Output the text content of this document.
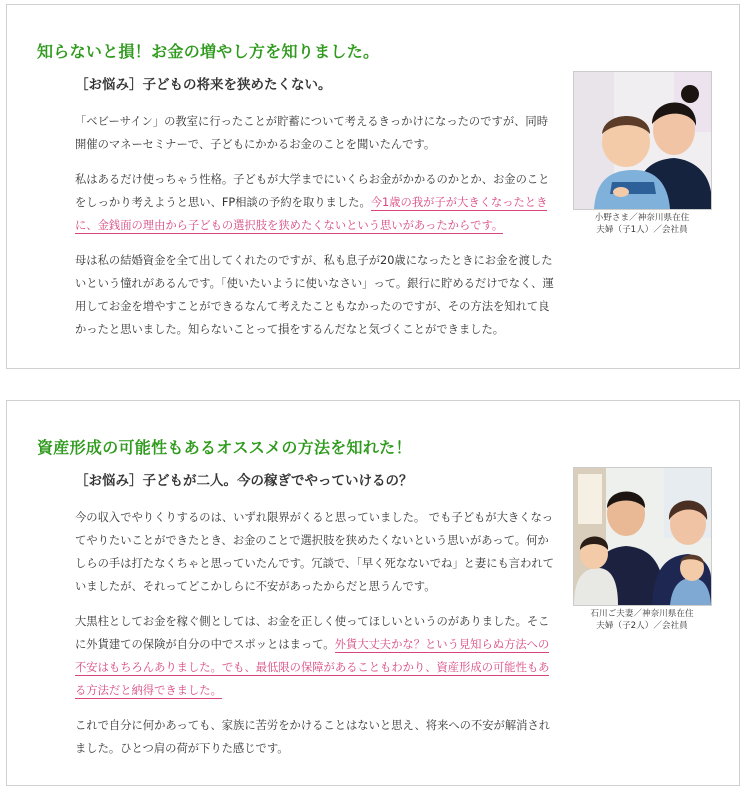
知らないと損！お金の増やし方を知りました。
［お悩み］子どもの将来を狭めたくない。

「ベビーサイン」の教室に行ったことが貯蓄について考えるきっかけになったのですが、同時開催のマネーセミナーで、子どもにかかるお金のことを聞いたんです。

私はあるだけ使っちゃう性格。子どもが大学までにいくらお金がかかるのかとか、お金のことをしっかり考えようと思い、FP相談の予約を取りました。今1歳の我が子が大きくなったときに、金銭面の理由から子どもの選択肢を狭めたくないという思いがあったからです。

母は私の結婚資金を全て出してくれたのですが、私も息子が20歳になったときにお金を渡したいという憧れがあるんです。「使いたいように使いなさい」って。銀行に貯めるだけでなく、運用してお金を増やすことができるなんて考えたこともなかったのですが、その方法を知れて良かったと思いました。知らないことって損をするんだなと気づくことができました。

小野さま／神奈川県在住
夫婦（子1人）／会社員
資産形成の可能性もあるオススメの方法を知れた！
［お悩み］子どもが二人。今の稼ぎでやっていけるの？

今の収入でやりくりするのは、いずれ限界がくると思っていました。 でも子どもが大きくなってやりたいことができたとき、お金のことで選択肢を狭めたくないという思いがあって。何かしらの手は打たなくちゃと思っていたんです。冗談で、「早く死なないでね」と妻にも言われていましたが、それってどこかしらに不安があったからだと思うんです。

大黒柱としてお金を稼ぐ側としては、お金を正しく使ってほしいというのがありました。そこに外貨建ての保険が自分の中でスポッとはまって。外貨大丈夫かな？という見知らぬ方法への不安はもちろんありました。でも、最低限の保障があることもわかり、資産形成の可能性もある方法だと納得できました。

これで自分に何かあっても、家族に苦労をかけることはないと思え、将来への不安が解消されました。ひとつ肩の荷が下りた感じです。

石川ご夫妻／神奈川県在住
夫婦（子2人）／会社員
